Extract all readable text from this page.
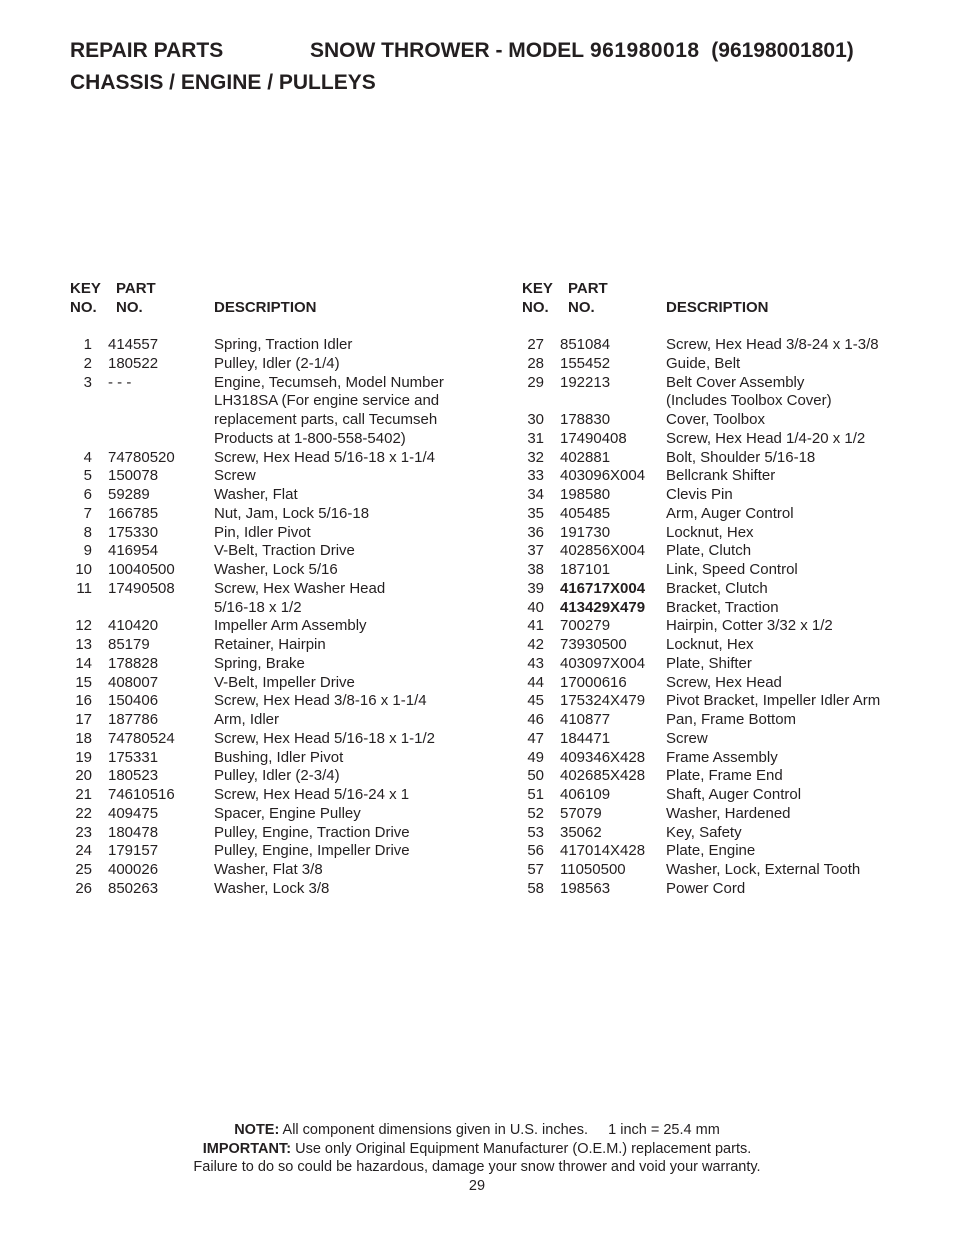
REPAIR PARTS	SNOW THROWER - MODEL 961980018 (96198001801)
CHASSIS / ENGINE / PULLEYS
KEY
NO.
PART
NO.	DESCRIPTION
1 414557	Spring, Traction Idler
2 180522	Pulley, Idler (2-1/4)
3 - - -	Engine, Tecumseh, Model Number
LH318SA (For engine service and
replacement parts, call Tecumseh
Products at 1-800-558-5402)
4 74780520	Screw, Hex Head 5/16-18 x 1-1/4
5 150078	Screw
6 59289	Washer, Flat
7 166785	Nut, Jam, Lock 5/16-18
8 175330	Pin, Idler Pivot
9 416954	V-Belt, Traction Drive
10 10040500	Washer, Lock 5/16
11 17490508	Screw, Hex Washer Head
5/16-18 x 1/2
12 410420	Impeller Arm Assembly
13 85179	Retainer, Hairpin
14 178828	Spring, Brake
15 408007	V-Belt, Impeller Drive
16 150406	Screw, Hex Head 3/8-16 x 1-1/4
17 187786	Arm, Idler
18 74780524	Screw, Hex Head 5/16-18 x 1-1/2
19 175331	Bushing, Idler Pivot
20 180523	Pulley, Idler (2-3/4)
21 74610516	Screw, Hex Head 5/16-24 x 1
22 409475	Spacer, Engine Pulley
23 180478	Pulley, Engine, Traction Drive
24 179157	Pulley, Engine, Impeller Drive
25 400026	Washer, Flat 3/8
26 850263	Washer, Lock 3/8
KEY
NO.
PART
NO.	DESCRIPTION
27 851084	Screw, Hex Head 3/8-24 x 1-3/8
28 155452	Guide, Belt
29 192213	Belt Cover Assembly
(Includes Toolbox Cover)
30 178830	Cover, Toolbox
31 17490408	Screw, Hex Head 1/4-20 x 1/2
32 402881	Bolt, Shoulder 5/16-18
33 403096X004 Bellcrank Shifter
34 198580	Clevis Pin
35 405485	Arm, Auger Control
36 191730	Locknut, Hex
37 402856X004 Plate, Clutch
38 187101	Link, Speed Control
39 416717X004 Bracket, Clutch
40 413429X479 Bracket, Traction
41 700279	Hairpin, Cotter 3/32 x 1/2
42 73930500	Locknut, Hex
43 403097X004 Plate, Shifter
44 17000616	Screw, Hex Head
45 175324X479 Pivot Bracket, Impeller Idler Arm
46 410877	Pan, Frame Bottom
47 184471	Screw
49 409346X428 Frame Assembly
50 402685X428 Plate, Frame End
51 406109	Shaft, Auger Control
52 57079	Washer, Hardened
53 35062	Key, Safety
56 417014X428 Plate, Engine
57 11050500	Washer, Lock, External Tooth
58 198563	Power Cord
NOTE: All component dimensions given in U.S. inches.     1 inch = 25.4 mm
IMPORTANT: Use only Original Equipment Manufacturer (O.E.M.) replacement parts.
Failure to do so could be hazardous, damage your snow thrower and void your warranty.
29
